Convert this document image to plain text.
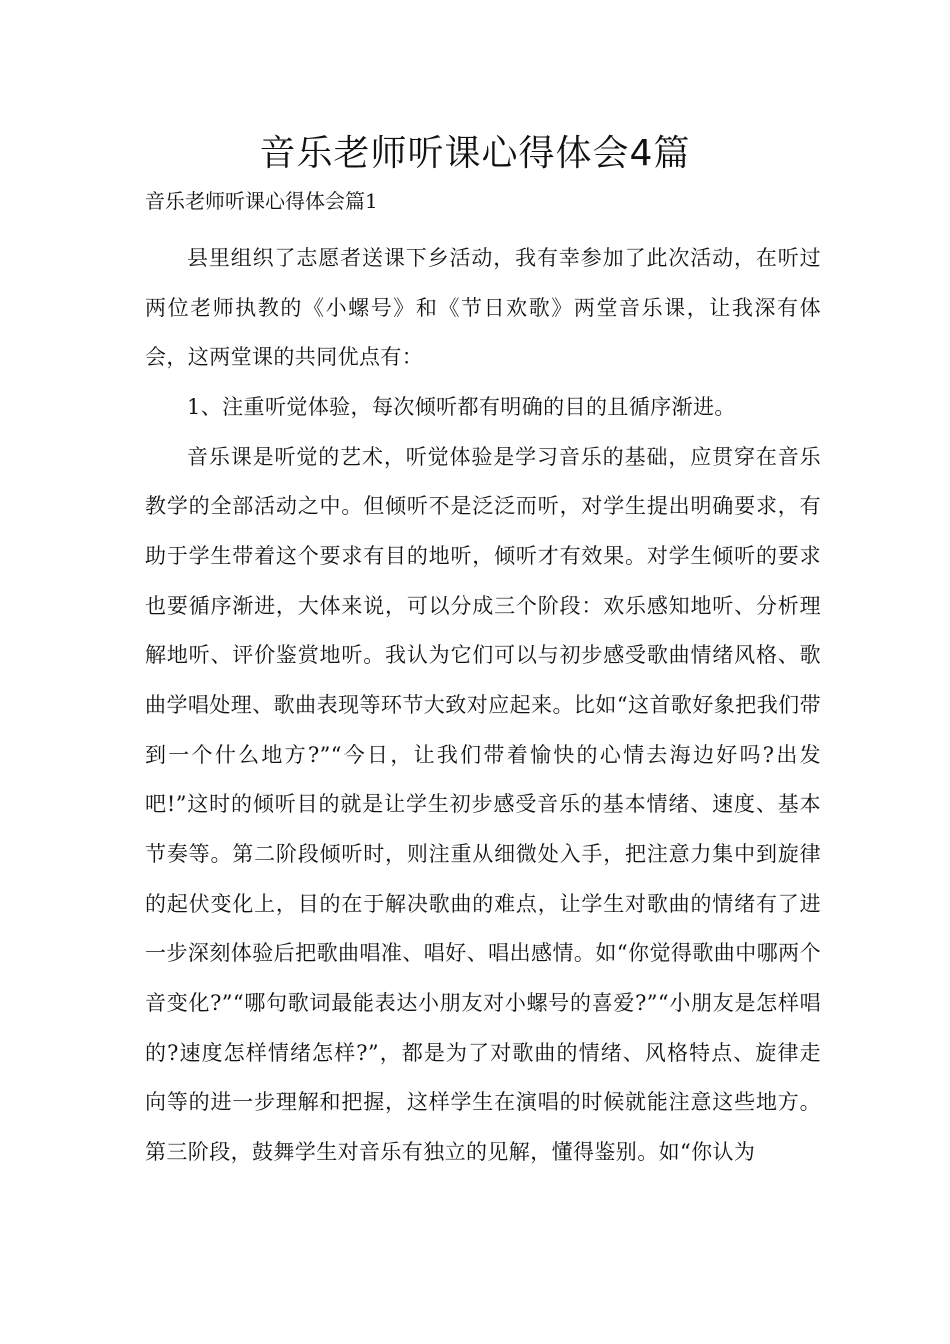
音乐老师听课心得体会4篇
音乐老师听课心得体会篇1

县里组织了志愿者送课下乡活动，我有幸参加了此次活动，在听过两位老师执教的《小螺号》和《节日欢歌》两堂音乐课，让我深有体会，这两堂课的共同优点有：

1、注重听觉体验，每次倾听都有明确的目的且循序渐进。

音乐课是听觉的艺术，听觉体验是学习音乐的基础，应贯穿在音乐教学的全部活动之中。但倾听不是泛泛而听，对学生提出明确要求，有助于学生带着这个要求有目的地听，倾听才有效果。对学生倾听的要求也要循序渐进，大体来说，可以分成三个阶段：欢乐感知地听、分析理解地听、评价鉴赏地听。我认为它们可以与初步感受歌曲情绪风格、歌曲学唱处理、歌曲表现等环节大致对应起来。比如“这首歌好象把我们带到一个什么地方?”“今日，让我们带着愉快的心情去海边好吗?出发吧!”这时的倾听目的就是让学生初步感受音乐的基本情绪、速度、基本节奏等。第二阶段倾听时，则注重从细微处入手，把注意力集中到旋律的起伏变化上，目的在于解决歌曲的难点，让学生对歌曲的情绪有了进一步深刻体验后把歌曲唱准、唱好、唱出感情。如“你觉得歌曲中哪两个音变化?”“哪句歌词最能表达小朋友对小螺号的喜爱?”“小朋友是怎样唱的?速度怎样情绪怎样?”，都是为了对歌曲的情绪、风格特点、旋律走向等的进一步理解和把握，这样学生在演唱的时候就能注意这些地方。第三阶段，鼓舞学生对音乐有独立的见解，懂得鉴别。如“你认为
